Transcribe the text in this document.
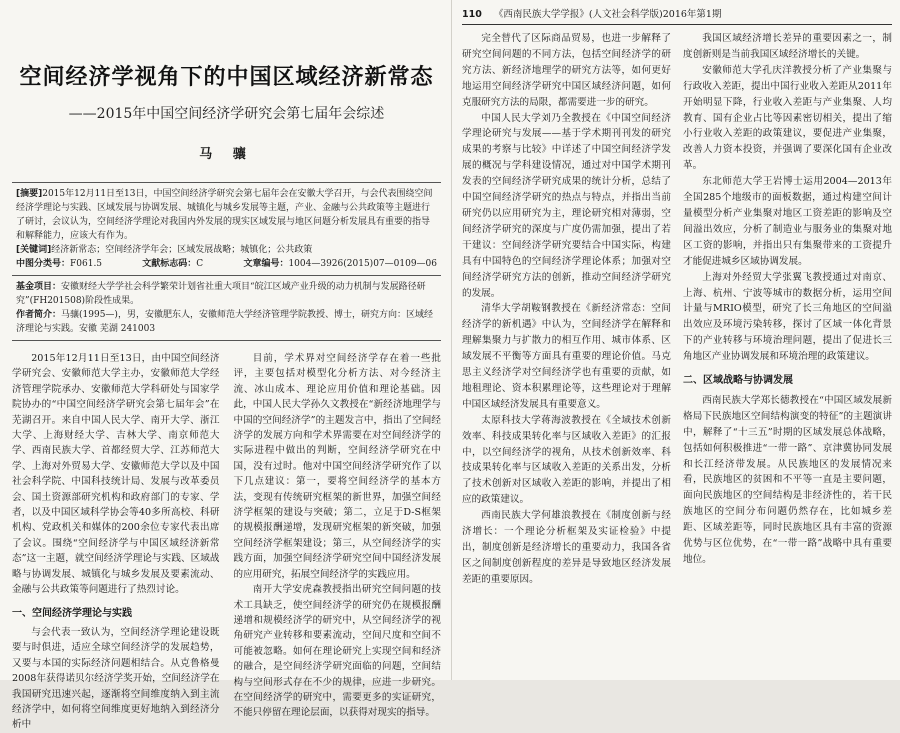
空间经济学视角下的中国区域经济新常态
——2015年中国空间经济学研究会第七届年会综述
马 骧
[摘要]2015年12月11日至13日，中国空间经济学研究会第七届年会在安徽大学召开，与会代表围绕空间经济学理论与实践、区域发展与协调发展、城镇化与城乡发展等主题，产业、金融与公共政策等主题进行了研讨，会议认为，空间经济学理论对我国内外发展的现实区域发展与地区问题分析发展具有重要的指导和解释能力，应该大有作为。
[关键词]经济新常态；空间经济学年会；区域发展战略；城镇化；公共政策
中图分类号：F061.5	文献标志码：C	文章编号：1004—3926(2015)07—0109—06
基金项目：安徽财经大学学社会科学繁荣计划省社重大项目“皖江区域产业升级的动力机制与发展路径研究”(FH201508)阶段性成果。
作者简介：马骧(1995—)，男，安徽肥东人，安徽师范大学经济管理学院教授、博士，研究方向：区域经济理论与实践。安徽 芜湖 241003

2015年12月11日至13日，由中国空间经济学研究会、安徽师范大学主办，安徽师范大学经济管理学院承办、安徽师范大学科研处与国家学院协办的“中国空间经济学研究会第七届年会”在芜湖召开。来自中国人民大学、南开大学、浙江大学、上海财经大学、吉林大学、南京师范大学、西南民族大学、首都经贸大学、江苏师范大学、上海对外贸易大学、安徽师范大学以及中国社会科学院、中国科技统计局、发展与改革委员会、国土资源部研究机构和政府部门的专家、学者，以及中国区域科学协会等40多所高校、科研机构、党政机关和媒体的200余位专家代表出席了会议。围绕“空间经济学与中国区域经济新常态”这一主题，就空间经济学理论与实践、区域战略与协调发展、城镇化与城乡发展及要素流动、金融与公共政策等问题进行了热烈讨论。

一、空间经济学理论与实践

与会代表一致认为，空间经济学理论建设既要与时俱进，适应全球空间经济学的发展趋势，又要与本国的实际经济问题相结合。从克鲁格曼2008年获得诺贝尔经济学奖开始，空间经济学在我国研究迅速兴起，逐渐将空间维度纳入到主流经济学中，如何将空间维度更好地纳入到经济分析中

目前，学术界对空间经济学存在着一些批评，主要包括对模型化分析方法、对今经济主流、冰山成本、理论应用价值和理论基础。因此，中国人民大学孙久文教授在“新经济地理学与中国的空间经济学”的主题发言中，指出了空间经济学的发展方向和学术界需要在对空间经济学的实际进程中做出的判断，空间经济学研究在中国，没有过时。他对中国空间经济学研究作了以下几点建议：第一，要将空间经济学的基本方法，变现有传统研究框架的新世界，加强空间经济学框架的建设与突破；第二，立足于D-S框架的规模报酬递增，发现研究框架的新突破，加强空间经济学框架建设；第三，从空间经济学的实践方面，加强空间经济学研究空间中国经济发展的应用研究，拓展空间经济学的实践应用。

南开大学安虎森教授指出研究空间问题的技术工具缺乏，使空间经济学的研究仍在规模报酬递增和规模经济学的研究中，从空间经济学的视角研究产业转移和要素流动，空间尺度和空间不可能被忽略。如何在理论研究上实现空间和经济的融合，是空间经济学研究面临的问题，空间结构与空间形式存在不少的规律，应进一步研究。在空间经济学的研究中，需要更多的实证研究，不能只停留在理论层面，以获得对现实的指导。

110 《西南民族大学学报》(人文社会科学版)2016年第1期

完全替代了区际商品贸易，也进一步解释了研究空间问题的不同方法，包括空间经济学的研究方法、新经济地理学的研究方法等，如何更好地运用空间经济学研究中国区域经济问题，如何克服研究方法的局限，都需要进一步的研究。

中国人民大学刘乃全教授在《中国空间经济学理论研究与发展——基于学术期刊刊发的研究成果的考察与比较》中详述了中国空间经济学发展的概况与学科建设情况，通过对中国学术期刊发表的空间经济学研究成果的统计分析，总结了中国空间经济学研究的热点与特点，并指出当前研究仍以应用研究为主，理论研究相对薄弱，空间经济学研究的深度与广度仍需加强，提出了若干建议：空间经济学研究要结合中国实际，构建具有中国特色的空间经济学理论体系；加强对空间经济学研究方法的创新，推动空间经济学研究的发展。

清华大学胡鞍钢教授在《新经济常态：空间经济学的新机遇》中认为，空间经济学在解释和理解集聚力与扩散力的相互作用、城市体系、区域发展不平衡等方面具有重要的理论价值。马克思主义经济学对空间经济学也有重要的贡献，如地租理论、资本积累理论等，这些理论对于理解中国区域经济发展具有重要意义。

太原科技大学蒋海波教授在《全域技术创新效率、科技成果转化率与区域收入差距》的汇报中，以空间经济学的视角，从技术创新效率、科技成果转化率与区域收入差距的关系出发，分析了技术创新对区域收入差距的影响，并提出了相应的政策建议。

西南民族大学何雄浪教授在《制度创新与经济增长：一个理论分析框架及实证检验》中提出，制度创新是经济增长的重要动力，我国各省区之间制度创新程度的差异是导致地区经济发展差距的重要原因。

我国区域经济增长差异的重要因素之一，制度创新则是当前我国区域经济增长的关键。

安徽师范大学孔庆洋教授分析了产业集聚与行政收入差距，提出中国行业收入差距从2011年开始明显下降，行业收入差距与产业集聚、人均教育、国有企业占比等因素密切相关，提出了缩小行业收入差距的政策建议，要促进产业集聚，改善人力资本投资，并强调了要深化国有企业改革。

东北师范大学王岩博士运用2004—2013年全国285个地级市的面板数据，通过构建空间计量模型分析产业集聚对地区工资差距的影响及空间溢出效应，分析了制造业与服务业的集聚对地区工资的影响，并指出只有集聚带来的工资提升才能促进城乡区域协调发展。

上海对外经贸大学张翼飞教授通过对南京、上海、杭州、宁波等城市的数据分析，运用空间计量与MRIO模型，研究了长三角地区的空间溢出效应及环境污染转移，探讨了区域一体化背景下的产业转移与环境治理问题，提出了促进长三角地区产业协调发展和环境治理的政策建议。

二、区域战略与协调发展

西南民族大学郑长德教授在“中国区域发展新格局下民族地区空间结构演变的特征”的主题演讲中，解释了“十三五”时期的区域发展总体战略，包括如何积极推进“一带一路”、京津冀协同发展和长江经济带发展。从民族地区的发展情况来看，民族地区的贫困和不平等一直是主要问题，面向民族地区的空间结构是非经济性的，若干民族地区的空间分布问题仍然存在，比如城乡差距、区域差距等，同时民族地区具有丰富的资源优势与区位优势，在“一带一路”战略中具有重要地位。
